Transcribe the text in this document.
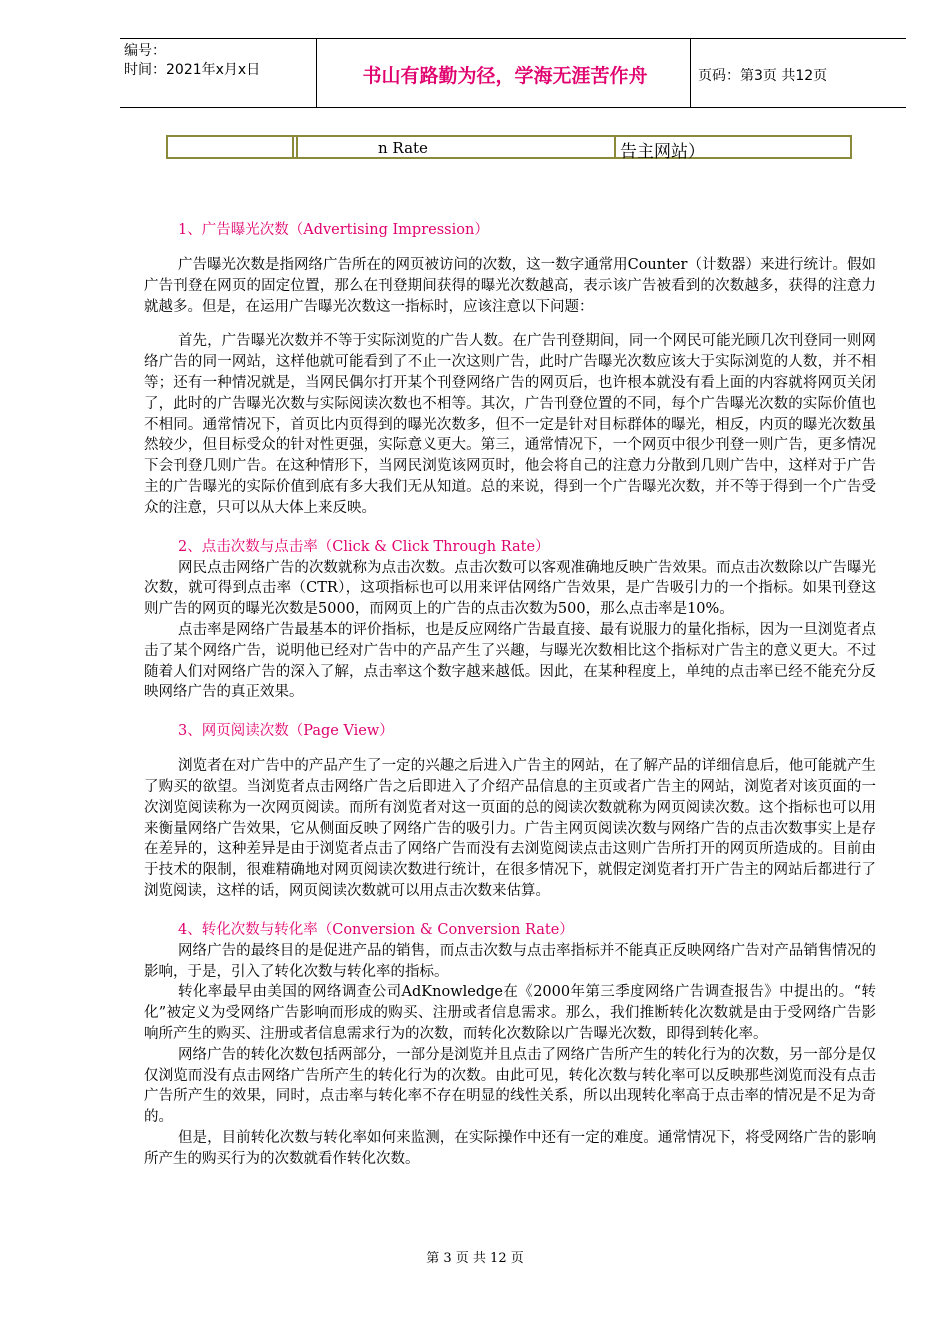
编号：
时间：2021年x月x日	书山有路勤为径，学海无涯苦作舟	页码：第3页 共12页
n Rate	告主网站）
1、广告曝光次数（Advertising Impression）

广告曝光次数是指网络广告所在的网页被访问的次数，这一数字通常用Counter（计数器）来进行统计。假如广告刊登在网页的固定位置，那么在刊登期间获得的曝光次数越高，表示该广告被看到的次数越多，获得的注意力就越多。但是，在运用广告曝光次数这一指标时，应该注意以下问题：

首先，广告曝光次数并不等于实际浏览的广告人数。在广告刊登期间，同一个网民可能光顾几次刊登同一则网络广告的同一网站，这样他就可能看到了不止一次这则广告，此时广告曝光次数应该大于实际浏览的人数，并不相等；还有一种情况就是，当网民偶尔打开某个刊登网络广告的网页后，也许根本就没有看上面的内容就将网页关闭了，此时的广告曝光次数与实际阅读次数也不相等。其次，广告刊登位置的不同，每个广告曝光次数的实际价值也不相同。通常情况下，首页比内页得到的曝光次数多，但不一定是针对目标群体的曝光，相反，内页的曝光次数虽然较少，但目标受众的针对性更强，实际意义更大。第三，通常情况下，一个网页中很少刊登一则广告，更多情况下会刊登几则广告。在这种情形下，当网民浏览该网页时，他会将自己的注意力分散到几则广告中，这样对于广告主的广告曝光的实际价值到底有多大我们无从知道。总的来说，得到一个广告曝光次数，并不等于得到一个广告受众的注意，只可以从大体上来反映。

2、点击次数与点击率（Click & Click Through Rate）

网民点击网络广告的次数就称为点击次数。点击次数可以客观准确地反映广告效果。而点击次数除以广告曝光次数，就可得到点击率（CTR），这项指标也可以用来评估网络广告效果，是广告吸引力的一个指标。如果刊登这则广告的网页的曝光次数是5000，而网页上的广告的点击次数为500，那么点击率是10%。

点击率是网络广告最基本的评价指标，也是反应网络广告最直接、最有说服力的量化指标，因为一旦浏览者点击了某个网络广告，说明他已经对广告中的产品产生了兴趣，与曝光次数相比这个指标对广告主的意义更大。不过随着人们对网络广告的深入了解，点击率这个数字越来越低。因此，在某种程度上，单纯的点击率已经不能充分反映网络广告的真正效果。

3、网页阅读次数（Page View）

浏览者在对广告中的产品产生了一定的兴趣之后进入广告主的网站，在了解产品的详细信息后，他可能就产生了购买的欲望。当浏览者点击网络广告之后即进入了介绍产品信息的主页或者广告主的网站，浏览者对该页面的一次浏览阅读称为一次网页阅读。而所有浏览者对这一页面的总的阅读次数就称为网页阅读次数。这个指标也可以用来衡量网络广告效果，它从侧面反映了网络广告的吸引力。广告主网页阅读次数与网络广告的点击次数事实上是存在差异的，这种差异是由于浏览者点击了网络广告而没有去浏览阅读点击这则广告所打开的网页所造成的。目前由于技术的限制，很难精确地对网页阅读次数进行统计，在很多情况下，就假定浏览者打开广告主的网站后都进行了浏览阅读，这样的话，网页阅读次数就可以用点击次数来估算。

4、转化次数与转化率（Conversion & Conversion Rate）

网络广告的最终目的是促进产品的销售，而点击次数与点击率指标并不能真正反映网络广告对产品销售情况的影响，于是，引入了转化次数与转化率的指标。

转化率最早由美国的网络调查公司AdKnowledge在《2000年第三季度网络广告调查报告》中提出的。“转化”被定义为受网络广告影响而形成的购买、注册或者信息需求。那么，我们推断转化次数就是由于受网络广告影响所产生的购买、注册或者信息需求行为的次数，而转化次数除以广告曝光次数，即得到转化率。

网络广告的转化次数包括两部分，一部分是浏览并且点击了网络广告所产生的转化行为的次数，另一部分是仅仅浏览而没有点击网络广告所产生的转化行为的次数。由此可见，转化次数与转化率可以反映那些浏览而没有点击广告所产生的效果，同时，点击率与转化率不存在明显的线性关系，所以出现转化率高于点击率的情况是不足为奇的。

但是，目前转化次数与转化率如何来监测，在实际操作中还有一定的难度。通常情况下，将受网络广告的影响所产生的购买行为的次数就看作转化次数。

第 3 页 共 12 页
